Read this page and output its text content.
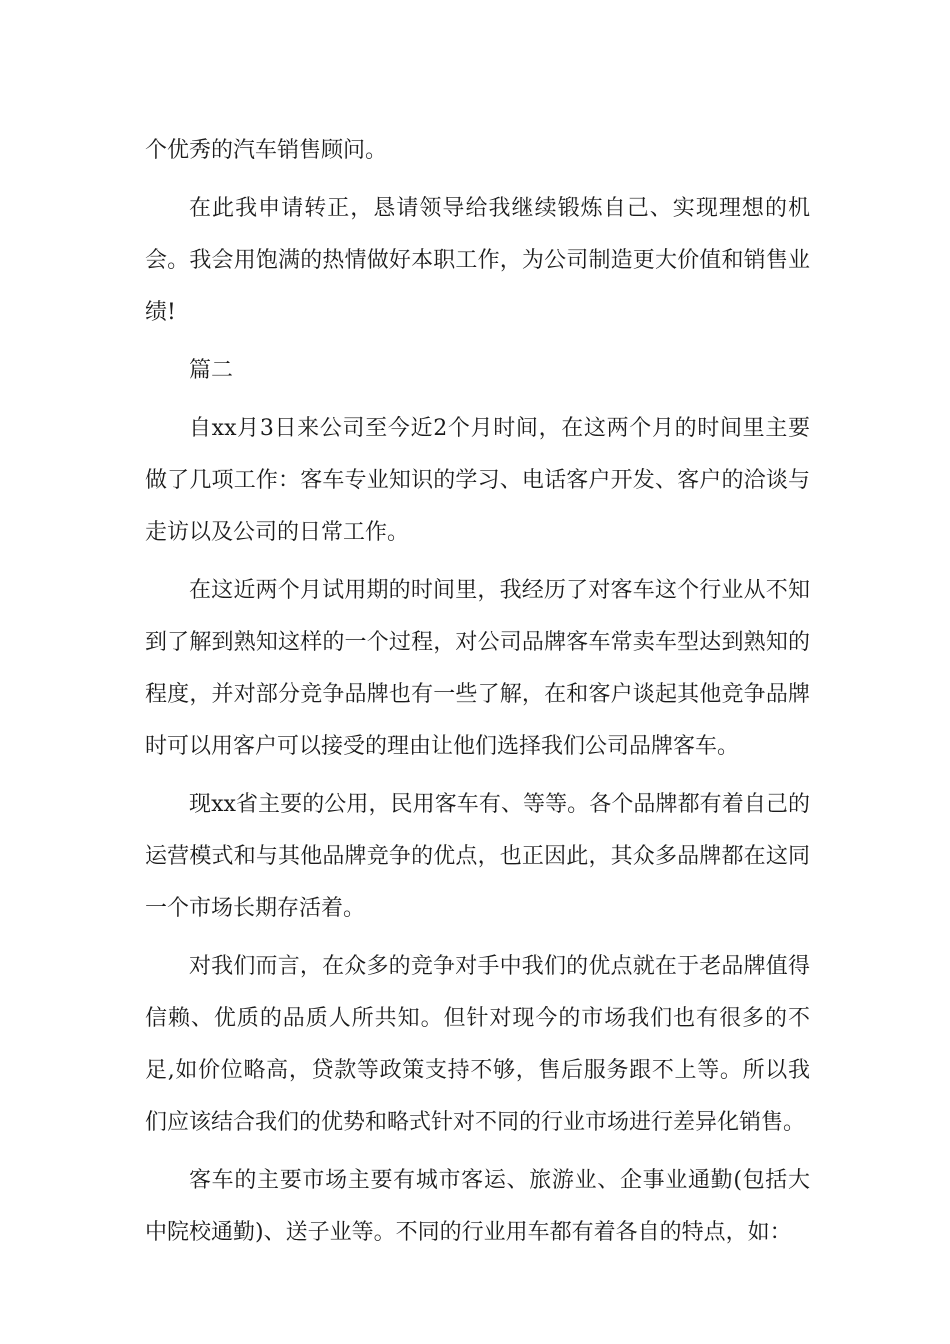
个优秀的汽车销售顾问。

在此我申请转正，恳请领导给我继续锻炼自己、实现理想的机会。我会用饱满的热情做好本职工作，为公司制造更大价值和销售业绩!

篇二

自xx月3日来公司至今近2个月时间，在这两个月的时间里主要做了几项工作：客车专业知识的学习、电话客户开发、客户的洽谈与走访以及公司的日常工作。

在这近两个月试用期的时间里，我经历了对客车这个行业从不知到了解到熟知这样的一个过程，对公司品牌客车常卖车型达到熟知的程度，并对部分竞争品牌也有一些了解，在和客户谈起其他竞争品牌时可以用客户可以接受的理由让他们选择我们公司品牌客车。

现xx省主要的公用，民用客车有、等等。各个品牌都有着自己的运营模式和与其他品牌竞争的优点，也正因此，其众多品牌都在这同一个市场长期存活着。

对我们而言，在众多的竞争对手中我们的优点就在于老品牌值得信赖、优质的品质人所共知。但针对现今的市场我们也有很多的不足,如价位略高，贷款等政策支持不够，售后服务跟不上等。所以我们应该结合我们的优势和略式针对不同的行业市场进行差异化销售。

客车的主要市场主要有城市客运、旅游业、企事业通勤(包括大中院校通勤)、送子业等。不同的行业用车都有着各自的特点，如：
